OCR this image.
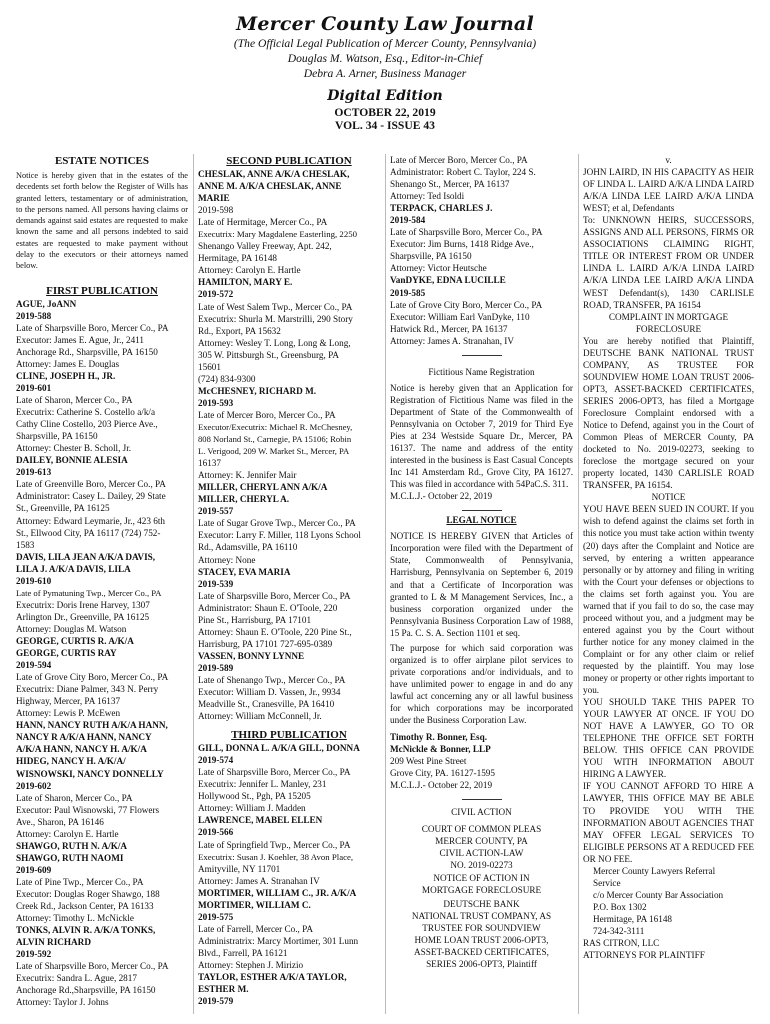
Mercer County Law Journal
(The Official Legal Publication of Mercer County, Pennsylvania)
Douglas M. Watson, Esq., Editor-in-Chief
Debra A. Arner, Business Manager
Digital Edition
OCTOBER 22, 2019
VOL. 34 - ISSUE 43

ESTATE NOTICES

Notice is hereby given that in the estates of the decedents set forth below the Register of Wills has granted letters, testamentary or of administration, to the persons named. All persons having claims or demands against said estates are requested to make known the same and all persons indebted to said estates are requested to make payment without delay to the executors or their attorneys named below.

FIRST PUBLICATION

AGUE, JoANN

2019-588

Late of Sharpsville Boro, Mercer Co., PA

Executor: James E. Ague, Jr., 2411

Anchorage Rd., Sharpsville, PA 16150

Attorney: James E. Douglas

CLINE, JOSEPH H., JR.

2019-601

Late of Sharon, Mercer Co., PA

Executrix: Catherine S. Costello a/k/a

Cathy Cline Costello, 203 Pierce Ave.,

Sharpsville, PA 16150

Attorney: Chester B. Scholl, Jr.

DAILEY, BONNIE ALESIA

2019-613

Late of Greenville Boro, Mercer Co., PA

Administrator: Casey L. Dailey, 29 State

St., Greenville, PA 16125

Attorney: Edward Leymarie, Jr., 423 6th

St., Ellwood City, PA 16117 (724) 752-

1583

DAVIS, LILA JEAN A/K/A DAVIS,

LILA J. A/K/A DAVIS, LILA

2019-610

Late of Pymatuning Twp., Mercer Co., PA

Executrix: Doris Irene Harvey, 1307

Arlington Dr., Greenville, PA 16125

Attorney: Douglas M. Watson

GEORGE, CURTIS R. A/K/A

GEORGE, CURTIS RAY

2019-594

Late of Grove City Boro, Mercer Co., PA

Executrix: Diane Palmer, 343 N. Perry

Highway, Mercer, PA 16137

Attorney: Lewis P. McEwen

HANN, NANCY RUTH A/K/A HANN,

NANCY R A/K/A HANN, NANCY

A/K/A HANN, NANCY H. A/K/A

HIDEG, NANCY H. A/K/A/

WISNOWSKI, NANCY DONNELLY

2019-602

Late of Sharon, Mercer Co., PA

Executor: Paul Wisnowski, 77 Flowers

Ave., Sharon, PA 16146

Attorney: Carolyn E. Hartle

SHAWGO, RUTH N. A/K/A

SHAWGO, RUTH NAOMI

2019-609

Late of Pine Twp., Mercer Co., PA

Executor: Douglas Roger Shawgo, 188

Creek Rd., Jackson Center, PA 16133

Attorney: Timothy L. McNickle

TONKS, ALVIN R. A/K/A TONKS,

ALVIN RICHARD

2019-592

Late of Sharpsville Boro, Mercer Co., PA

Executrix: Sandra L. Ague, 2817

Anchorage Rd.,Sharpsville, PA 16150

Attorney: Taylor J. Johns

SECOND PUBLICATION

CHESLAK, ANNE A/K/A CHESLAK,

ANNE M. A/K/A CHESLAK, ANNE

MARIE

2019-598

Late of Hermitage, Mercer Co., PA

Executrix: Mary Magdalene Easterling, 2250

Shenango Valley Freeway, Apt. 242,

Hermitage, PA 16148

Attorney: Carolyn E. Hartle

HAMILTON, MARY E.

2019-572

Late of West Salem Twp., Mercer Co., PA

Executrix: Shurla M. Marstrilli, 290 Story

Rd., Export, PA 15632

Attorney: Wesley T. Long, Long & Long,

305 W. Pittsburgh St., Greensburg, PA

15601

(724) 834-9300

McCHESNEY, RICHARD M.

2019-593

Late of Mercer Boro, Mercer Co., PA

Executor/Executrix: Michael R. McChesney,

808 Norland St., Carnegie, PA 15106; Robin

L. Verigood, 209 W. Market St., Mercer, PA

16137

Attorney: K. Jennifer Mair

MILLER, CHERYL ANN A/K/A

MILLER, CHERYL A.

2019-557

Late of Sugar Grove Twp., Mercer Co., PA

Executor: Larry F. Miller, 118 Lyons School

Rd., Adamsville, PA 16110

Attorney: None

STACEY, EVA MARIA

2019-539

Late of Sharpsville Boro, Mercer Co., PA

Administrator: Shaun E. O'Toole, 220

Pine St., Harrisburg, PA 17101

Attorney: Shaun E. O'Toole, 220 Pine St.,

Harrisburg, PA 17101 727-695-0389

VASSEN, BONNY LYNNE

2019-589

Late of Shenango Twp., Mercer Co., PA

Executor: William D. Vassen, Jr., 9934

Meadville St., Cranesville, PA 16410

Attorney: William McConnell, Jr.

THIRD PUBLICATION

GILL, DONNA L. A/K/A GILL, DONNA

2019-574

Late of Sharpsville Boro, Mercer Co., PA

Executrix: Jennifer L. Manley, 231

Hollywood St., Pgh, PA 15205

Attorney: William J. Madden

LAWRENCE, MABEL ELLEN

2019-566

Late of Springfield Twp., Mercer Co., PA

Executrix: Susan J. Koehler, 38 Avon Place,

Amityville, NY 11701

Attorney: James A. Stranahan IV

MORTIMER, WILLIAM C., JR. A/K/A

MORTIMER, WILLIAM C.

2019-575

Late of Farrell, Mercer Co., PA

Administratrix: Marcy Mortimer, 301 Lunn

Blvd., Farrell, PA 16121

Attorney: Stephen J. Mirizio

TAYLOR, ESTHER A/K/A TAYLOR,

ESTHER M.

2019-579

Late of Mercer Boro, Mercer Co., PA

Administrator: Robert C. Taylor, 224 S.

Shenango St., Mercer, PA 16137

Attorney: Ted Isoldi

TERPACK, CHARLES J.

2019-584

Late of Sharpsville Boro, Mercer Co., PA

Executor: Jim Burns, 1418 Ridge Ave.,

Sharpsville, PA 16150

Attorney: Victor Heutsche

VanDYKE, EDNA LUCILLE

2019-585

Late of Grove City Boro, Mercer Co., PA

Executor: William Earl VanDyke, 110

Hatwick Rd., Mercer, PA 16137

Attorney: James A. Stranahan, IV

Fictitious Name Registration

Notice is hereby given that an Application for Registration of Fictitious Name was filed in the Department of State of the Commonwealth of Pennsylvania on October 7, 2019 for Third Eye Pies at 234 Westside Square Dr., Mercer, PA 16137. The name and address of the entity interested in the business is East Casual Concepts Inc 141 Amsterdam Rd., Grove City, PA 16127. This was filed in accordance with 54PaC.S. 311.

M.C.L.J.- October 22, 2019

LEGAL NOTICE

NOTICE IS HEREBY GIVEN that Articles of Incorporation were filed with the Department of State, Commonwealth of Pennsylvania, Harrisburg, Pennsylvania on September 6, 2019 and that a Certificate of Incorporation was granted to L & M Management Services, Inc., a business corporation organized under the Pennsylvania Business Corporation Law of 1988, 15 Pa. C. S. A. Section 1101 et seq.

The purpose for which said corporation was organized is to offer airplane pilot services to private corporations and/or individuals, and to have unlimited power to engage in and do any lawful act concerning any or all lawful business for which corporations may be incorporated under the Business Corporation Law.

Timothy R. Bonner, Esq.

McNickle & Bonner, LLP

209 West Pine Street

Grove City, PA. 16127-1595

M.C.L.J.- October 22, 2019

CIVIL ACTION

COURT OF COMMON PLEAS

MERCER COUNTY, PA

CIVIL ACTION-LAW

NO. 2019-02273

NOTICE OF ACTION IN

MORTGAGE FORECLOSURE

DEUTSCHE BANK

NATIONAL TRUST COMPANY, AS

TRUSTEE FOR SOUNDVIEW

HOME LOAN TRUST 2006-OPT3,

ASSET-BACKED CERTIFICATES,

SERIES 2006-OPT3, Plaintiff

v.

JOHN LAIRD, IN HIS CAPACITY AS HEIR OF LINDA L. LAIRD A/K/A LINDA LAIRD A/K/A LINDA LEE LAIRD A/K/A LINDA WEST; et al, Defendants

To: UNKNOWN HEIRS, SUCCESSORS, ASSIGNS AND ALL PERSONS, FIRMS OR ASSOCIATIONS CLAIMING RIGHT, TITLE OR INTEREST FROM OR UNDER LINDA L. LAIRD A/K/A LINDA LAIRD A/K/A LINDA LEE LAIRD A/K/A LINDA WEST Defendant(s), 1430 CARLISLE ROAD, TRANSFER, PA 16154

COMPLAINT IN MORTGAGE

FORECLOSURE

You are hereby notified that Plaintiff, DEUTSCHE BANK NATIONAL TRUST COMPANY, AS TRUSTEE FOR SOUNDVIEW HOME LOAN TRUST 2006-OPT3, ASSET-BACKED CERTIFICATES, SERIES 2006-OPT3, has filed a Mortgage Foreclosure Complaint endorsed with a Notice to Defend, against you in the Court of Common Pleas of MERCER County, PA docketed to No. 2019-02273, seeking to foreclose the mortgage secured on your property located, 1430 CARLISLE ROAD TRANSFER, PA 16154.

NOTICE

YOU HAVE BEEN SUED IN COURT. If you wish to defend against the claims set forth in this notice you must take action within twenty (20) days after the Complaint and Notice are served, by entering a written appearance personally or by attorney and filing in writing with the Court your defenses or objections to the claims set forth against you. You are warned that if you fail to do so, the case may proceed without you, and a judgment may be entered against you by the Court without further notice for any money claimed in the Complaint or for any other claim or relief requested by the plaintiff. You may lose money or property or other rights important to you.

YOU SHOULD TAKE THIS PAPER TO YOUR LAWYER AT ONCE. IF YOU DO NOT HAVE A LAWYER, GO TO OR TELEPHONE THE OFFICE SET FORTH BELOW. THIS OFFICE CAN PROVIDE YOU WITH INFORMATION ABOUT HIRING A LAWYER.

IF YOU CANNOT AFFORD TO HIRE A LAWYER, THIS OFFICE MAY BE ABLE TO PROVIDE YOU WITH THE INFORMATION ABOUT AGENCIES THAT MAY OFFER LEGAL SERVICES TO ELIGIBLE PERSONS AT A REDUCED FEE OR NO FEE.

Mercer County Lawyers Referral

Service

c/o Mercer County Bar Association

P.O. Box 1302

Hermitage, PA 16148

724-342-3111

RAS CITRON, LLC

ATTORNEYS FOR PLAINTIFF
